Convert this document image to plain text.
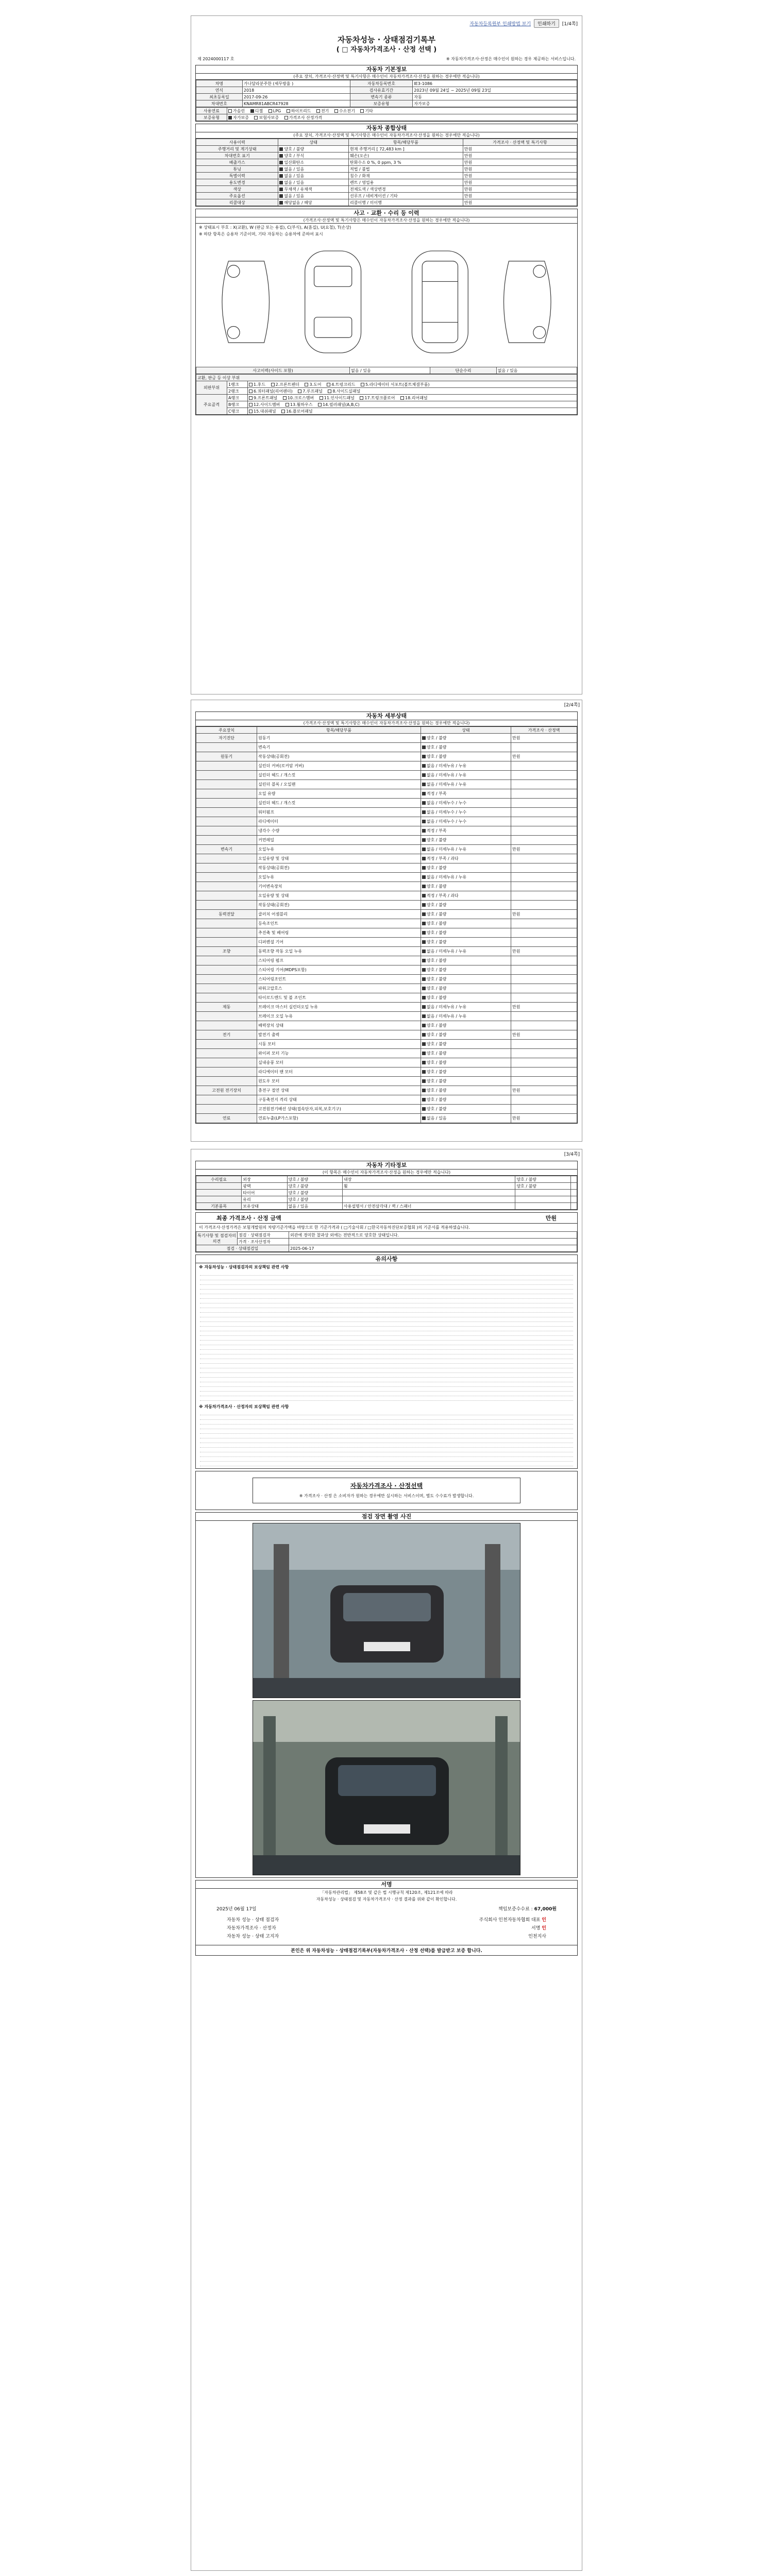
자동차등록원부 인쇄방법 보기	인쇄하기	[1/4쪽]
자동차성능 · 상태점검기록부
( □ 자동차가격조사 · 산정 선택 )
제 2024000117 호	※ 자동차가격조사·산정은 매수인이 원하는 경우 제공하는 서비스입니다.
자동차 기본정보
(주요 장치, 가격조사·산정액 및 특기사항은 매수인이 자동차가격조사·산정을 원하는 경우에만 적습니다)
차명	가나달라분주한 (세무방율 )	자동차등록번호	IE3-1086
연식	2018	검사유효기간	2023년 09월 24일 ~ 2025년 09월 23일
최초등록일	2017-09-26	변속기 종류	자동
차대번호	KNAMR81ABCR47928	보증유형	자가보증
사용연료	가솔린 디젤 LPG 하이브리드 전기 수소전기 기타
보증유형	자가보증 보험사보증 가격조사 산정가격
자동차 종합상태
(주요 장치, 가격조사·산정액 및 특기사항은 매수인이 자동차가격조사·산정을 원하는 경우에만 적습니다)
사용이력	상태	항목/해당부품	가격조사 · 산정액 및 특기사항
주행거리 및 계기상태	양호 / 불량	현재 주행거리 [ 72,483 km ]	만원
차대번호 표기	양호 / 부식	훼손(오손)	만원
배출가스	일산화탄소	탄화수소 0 %, 0 ppm, 3 %	만원
튜닝	없음 / 있음	적법 / 불법	만원
특별이력	없음 / 있음	침수 / 화재	만원
용도변경	없음 / 있음	렌트 / 영업용	만원
색상	무채색 / 유채색	전체도색 / 색상변경	만원
주요옵션	없음 / 있음	선루프 / 네비게이션 / 기타	만원
리콜대상	해당없음 / 해당	리콜이행 / 미이행	만원
사고 · 교환 · 수리 등 이력
(가격조사·산정액 및 특기사항은 매수인이 자동차가격조사·산정을 원하는 경우에만 적습니다)
※ 상태표시 부호 : X(교환), W (판금 또는 용접), C(부식), A(흠집), U(요철), T(손상)
※ 하단 항목은 승용차 기준이며, 기타 자동차는 승용차에 준하여 표시
사고이력(사이드 포함)	없음 / 있음	단순수리	없음 / 있음
교환, 판금 등 이상 부위		
외판부위	1랭크	1.후드 2.프론트펜더 3.도어 4.트렁크리드 5.라디에이터 서포트(볼트체결부품)
	2랭크	6.쿼터패널(리어펜더) 7.루프패널 8.사이드실패널
주요골격	A랭크	9.프론트패널 10.크로스멤버 11.인사이드패널 17.트렁크플로어 18.리어패널
	B랭크	12.사이드멤버 13.휠하우스 14.필러패널(A,B,C)
	C랭크	15.대쉬패널 16.플로어패널
[2/4쪽]
자동차 세부상태
(가격조사·산정액 및 특기사항은 매수인이 자동차가격조사·산정을 원하는 경우에만 적습니다)
주요장치	항목/해당부품	상태	가격조사 · 산정액
자기진단	원동기	양호 / 불량	만원
	변속기	양호 / 불량	
원동기	작동상태(공회전)	양호 / 불량	만원
	실린더 커버(로커암 커버)	없음 / 미세누유 / 누유	
	실린더 헤드 / 개스킷	없음 / 미세누유 / 누유	
	실린더 블록 / 오일팬	없음 / 미세누유 / 누유	
	오일 유량	적정 / 부족	
	실린더 헤드 / 개스킷	없음 / 미세누수 / 누수	
	워터펌프	없음 / 미세누수 / 누수	
	라디에이터	없음 / 미세누수 / 누수	
	냉각수 수량	적정 / 부족	
	커먼레일	양호 / 불량	
변속기	오일누유	없음 / 미세누유 / 누유	만원
	오일유량 및 상태	적정 / 부족 / 과다	
	작동상태(공회전)	양호 / 불량	
	오일누유	없음 / 미세누유 / 누유	
	기어변속장치	양호 / 불량	
	오일유량 및 상태	적정 / 부족 / 과다	
	작동상태(공회전)	양호 / 불량	
동력전달	클러치 어셈블리	양호 / 불량	만원
	등속조인트	양호 / 불량	
	추진축 및 베어링	양호 / 불량	
	디퍼렌셜 기어	양호 / 불량	
조향	동력조향 작동 오일 누유	없음 / 미세누유 / 누유	만원
	스티어링 펌프	양호 / 불량	
	스티어링 기어(MDPS포함)	양호 / 불량	
	스티어링조인트	양호 / 불량	
	파워고압호스	양호 / 불량	
	타이로드엔드 및 볼 조인트	양호 / 불량	
제동	브레이크 마스터 실린더오일 누유	없음 / 미세누유 / 누유	만원
	브레이크 오일 누유	없음 / 미세누유 / 누유	
	배력장치 상태	양호 / 불량	
전기	발전기 출력	양호 / 불량	만원
	시동 모터	양호 / 불량	
	와이퍼 모터 기능	양호 / 불량	
	실내송풍 모터	양호 / 불량	
	라디에이터 팬 모터	양호 / 불량	
	윈도우 모터	양호 / 불량	
고전원 전기장치	충전구 절연 상태	양호 / 불량	만원
	구동축전지 격리 상태	양호 / 불량	
	고전원전기배선 상태(접속단자,피복,보호기구)	양호 / 불량	
연료	연료누출(LP가스포함)	없음 / 있음	만원
[3/4쪽]
자동차 기타정보
(이 항목은 매수인이 자동차가격조사·산정을 원하는 경우에만 적습니다)
수리필요	외장	양호 / 불량	내장	양호 / 불량	
	광택	양호 / 불량	휠	양호 / 불량	
	타이어	양호 / 불량			
	유리	양호 / 불량			
기본품목	보유상태	없음 / 있음	사용설명서 / 안전삼각대 / 잭 / 스패너		
최종 가격조사 · 산정 금액	만원
이 가격조사·산정가격은 보험개발원의 차량기준가액을 바탕으로 한 기준가격과 ( □기술사회 / □한국자동차진단보증협회 )의 기준서를 적용하였습니다.
특기사항 및 점검자의 의견	점검 · 상태점검자	외관에 경미한 찰과상 외에는 전반적으로 양호한 상태입니다.
	가격 · 조사산정자	
점검 · 상태점검일		2025-06-17
유의사항
※ 자동차성능 · 상태점검자의 보상책임 관련 사항
※ 자동차가격조사 · 산정자의 보상책임 관련 사항
자동차가격조사 · 산정선택
※ 가격조사 · 산정 은 소비자가 원하는 경우에만 실시하는 서비스이며, 별도 수수료가 발생합니다.
점검 장면 촬영 사진
서명
「자동차관리법」 제58조 및 같은 법 시행규칙 제120조, 제121조에 따라
자동차성능 · 상태점검 및 자동차가격조사 · 산정 결과를 위와 같이 확인합니다.
2025년 06월 17일	책임보증수수료 : 67,000원
자동차 성능 · 상태 점검자
자동차가격조사 · 산정자
자동차 성능 · 상태 고지자
주식회사 인천자동차협회 대표 인
서명 인
인천지사
본인은 위 자동차성능 · 상태점검기록부(자동차가격조사 · 산정 선택)를 발급받고 보증 합니다.
